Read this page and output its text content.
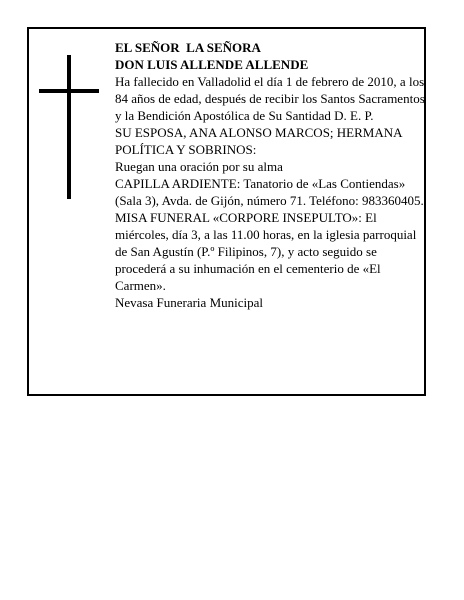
EL SEÑOR  LA SEÑORA

DON LUIS ALLENDE ALLENDE

Ha fallecido en Valladolid el día 1 de febrero de 2010, a los 84 años de edad, después de recibir los Santos Sacramentos y la Bendición Apostólica de Su Santidad D. E. P.

SU ESPOSA, ANA ALONSO MARCOS; HERMANA POLÍTICA Y SOBRINOS:

Ruegan una oración por su alma

CAPILLA ARDIENTE: Tanatorio de «Las Contiendas» (Sala 3), Avda. de Gijón, número 71. Teléfono: 983360405.

MISA FUNERAL «CORPORE INSEPULTO»: El miércoles, día 3, a las 11.00 horas, en la iglesia parroquial de San Agustín (P.º Filipinos, 7), y acto seguido se procederá a su inhumación en el cementerio de «El Carmen».

Nevasa Funeraria Municipal
